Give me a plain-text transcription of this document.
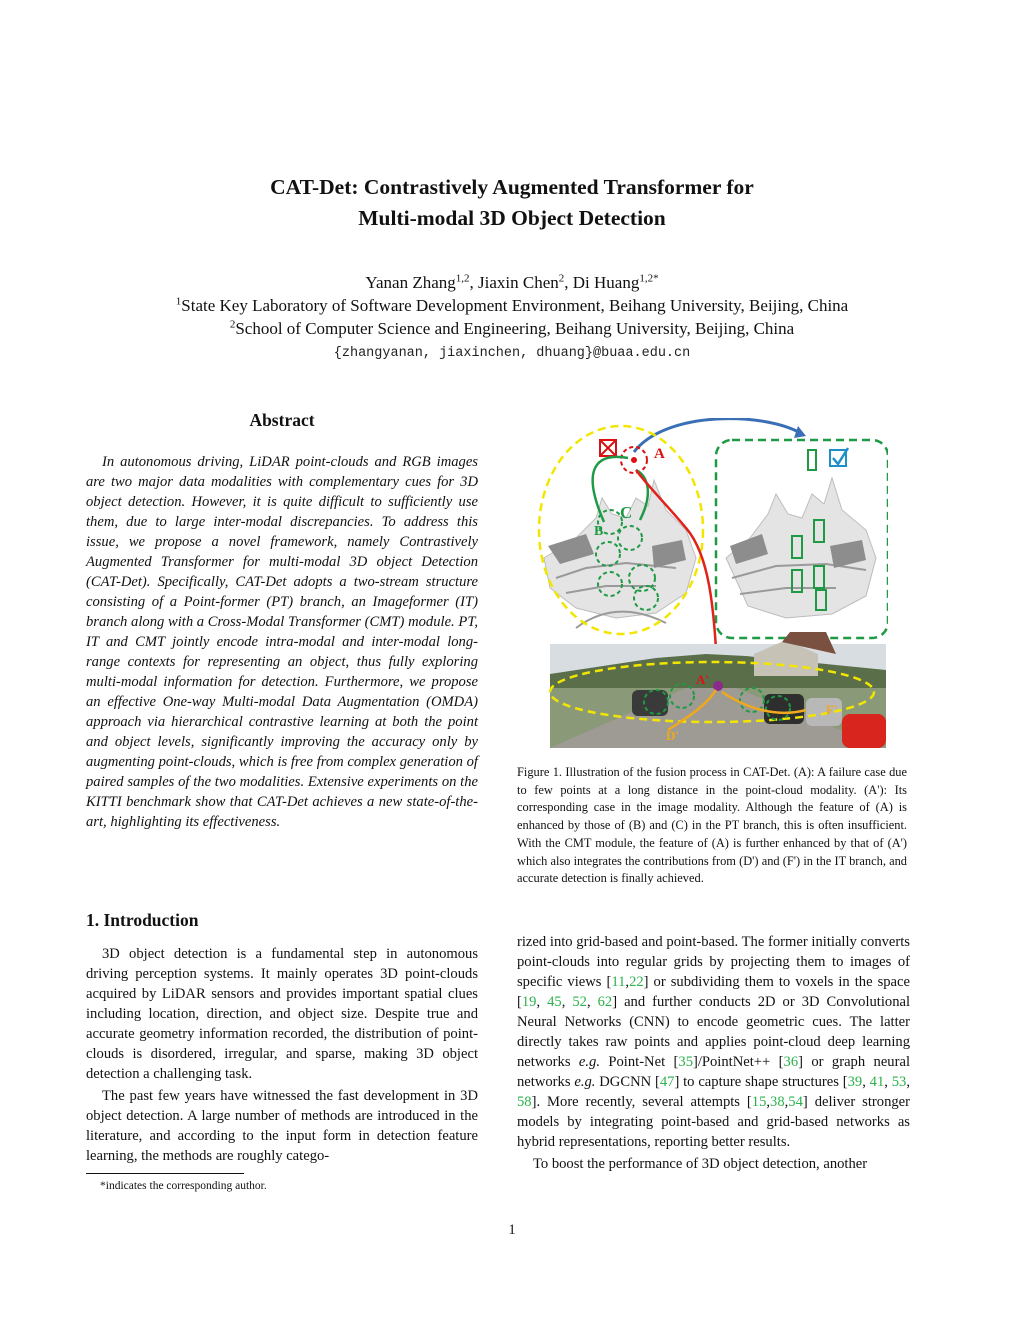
CAT-Det: Contrastively Augmented Transformer for
Multi-modal 3D Object Detection
Yanan Zhang$^{1,2}$, Jiaxin Chen$^2$, Di Huang$^{1,2*}$
$^1$State Key Laboratory of Software Development Environment, Beihang University, Beijing, China
$^2$School of Computer Science and Engineering, Beihang University, Beijing, China
{zhangyanan, jiaxinchen, dhuang}@buaa.edu.cn
Abstract

In autonomous driving, LiDAR point-clouds and RGB images are two major data modalities with complementary cues for 3D object detection. However, it is quite difficult to sufficiently use them, due to large inter-modal discrepancies. To address this issue, we propose a novel framework, namely Contrastively Augmented Transformer for multi-modal 3D object Detection (CAT-Det). Specifically, CAT-Det adopts a two-stream structure consisting of a Point-former (PT) branch, an Imageformer (IT) branch along with a Cross-Modal Transformer (CMT) module. PT, IT and CMT jointly encode intra-modal and inter-modal long-range contexts for representing an object, thus fully exploring multi-modal information for detection. Furthermore, we propose an effective One-way Multi-modal Data Augmentation (OMDA) approach via hierarchical contrastive learning at both the point and object levels, significantly improving the accuracy only by augmenting point-clouds, which is free from complex generation of paired samples of the two modalities. Extensive experiments on the KITTI benchmark show that CAT-Det achieves a new state-of-the-art, highlighting its effectiveness.

1. Introduction

3D object detection is a fundamental step in autonomous driving perception systems. It mainly operates 3D point-clouds acquired by LiDAR sensors and provides important spatial clues including location, direction, and object size. Despite true and accurate geometry information recorded, the distribution of point-clouds is disordered, irregular, and sparse, making 3D object detection a challenging task.

The past few years have witnessed the fast development in 3D object detection. A large number of methods are introduced in the literature, and according to the input form in detection feature learning, the methods are roughly catego-

*indicates the corresponding author.
A
B
C
A'
D'
F'
Figure 1. Illustration of the fusion process in CAT-Det. (A): A failure case due to few points at a long distance in the point-cloud modality. (A'): Its corresponding case in the image modality. Although the feature of (A) is enhanced by those of (B) and (C) in the PT branch, this is often insufficient. With the CMT module, the feature of (A) is further enhanced by that of (A') which also integrates the contributions from (D') and (F') in the IT branch, and accurate detection is finally achieved.

rized into grid-based and point-based. The former initially converts point-clouds into regular grids by projecting them to images of specific views [11,22] or subdividing them to voxels in the space [19, 45, 52, 62] and further conducts 2D or 3D Convolutional Neural Networks (CNN) to encode geometric cues. The latter directly takes raw points and applies point-cloud deep learning networks e.g. Point-Net [35]/PointNet++ [36] or graph neural networks e.g. DGCNN [47] to capture shape structures [39, 41, 53, 58]. More recently, several attempts [15,38,54] deliver stronger models by integrating point-based and grid-based networks as hybrid representations, reporting better results.

To boost the performance of 3D object detection, another

1
